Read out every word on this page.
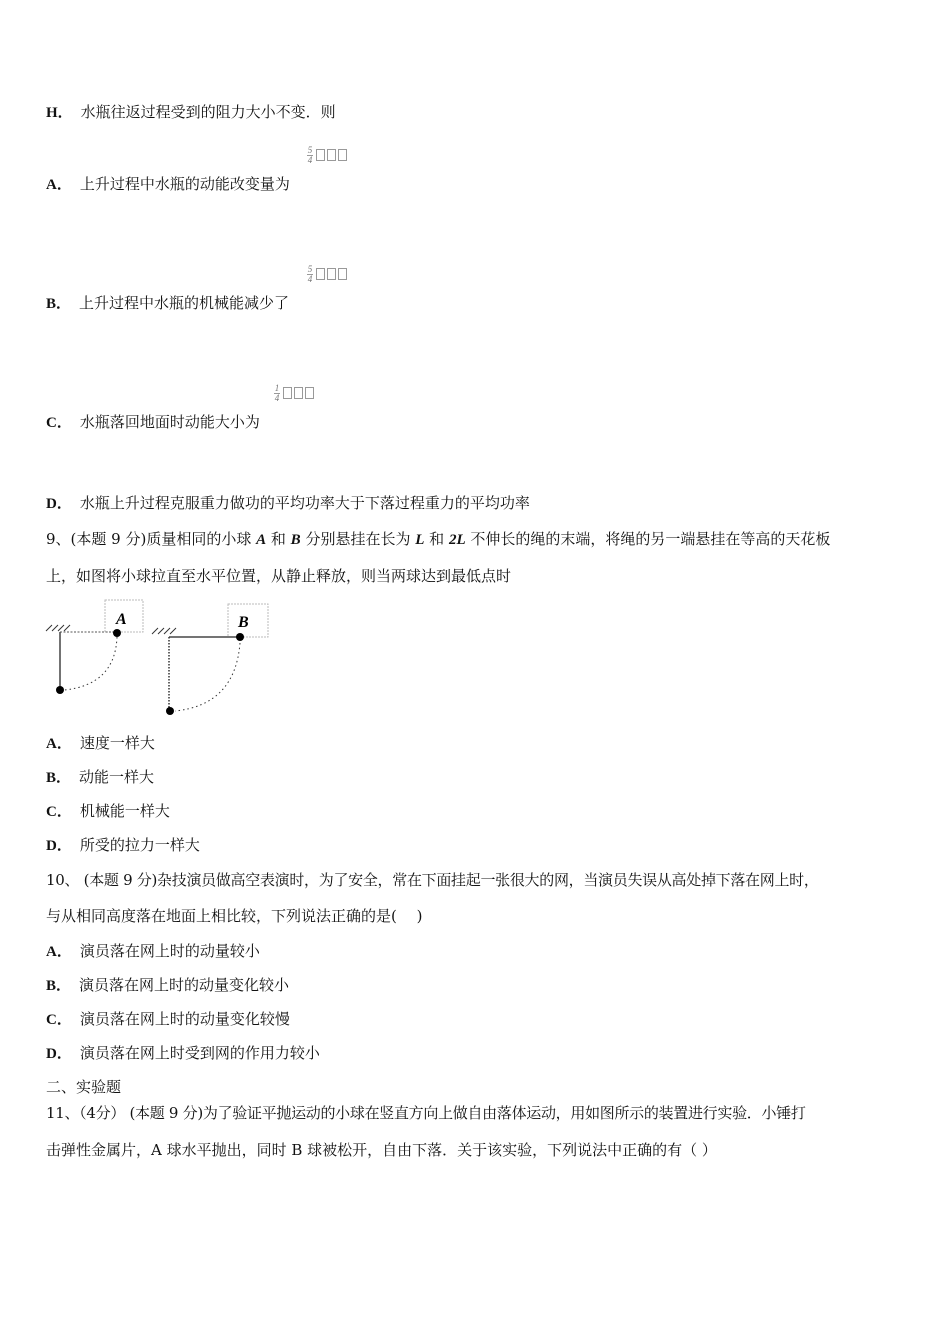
H． 水瓶往返过程受到的阻力大小不变．则
5
4
A． 上升过程中水瓶的动能改变量为
5
4
B． 上升过程中水瓶的机械能减少了
1
4
C． 水瓶落回地面时动能大小为
D． 水瓶上升过程克服重力做功的平均功率大于下落过程重力的平均功率
9、(本题 9 分)质量相同的小球 A 和 B 分别悬挂在长为 L 和 2L 不伸长的绳的末端，将绳的另一端悬挂在等高的天花板
上，如图将小球拉直至水平位置，从静止释放，则当两球达到最低点时
A	B
A． 速度一样大
B． 动能一样大
C． 机械能一样大
D． 所受的拉力一样大
10、 (本题 9 分)杂技演员做高空表演时，为了安全，常在下面挂起一张很大的网，当演员失误从高处掉下落在网上时，
与从相同高度落在地面上相比较，下列说法正确的是(　 )
A． 演员落在网上时的动量较小
B． 演员落在网上时的动量变化较小
C． 演员落在网上时的动量变化较慢
D． 演员落在网上时受到网的作用力较小
二、实验题
11、（4分） (本题 9 分)为了验证平抛运动的小球在竖直方向上做自由落体运动，用如图所示的装置进行实验．小锤打
击弹性金属片，A 球水平抛出，同时 B 球被松开，自由下落．关于该实验，下列说法中正确的有（ ）
